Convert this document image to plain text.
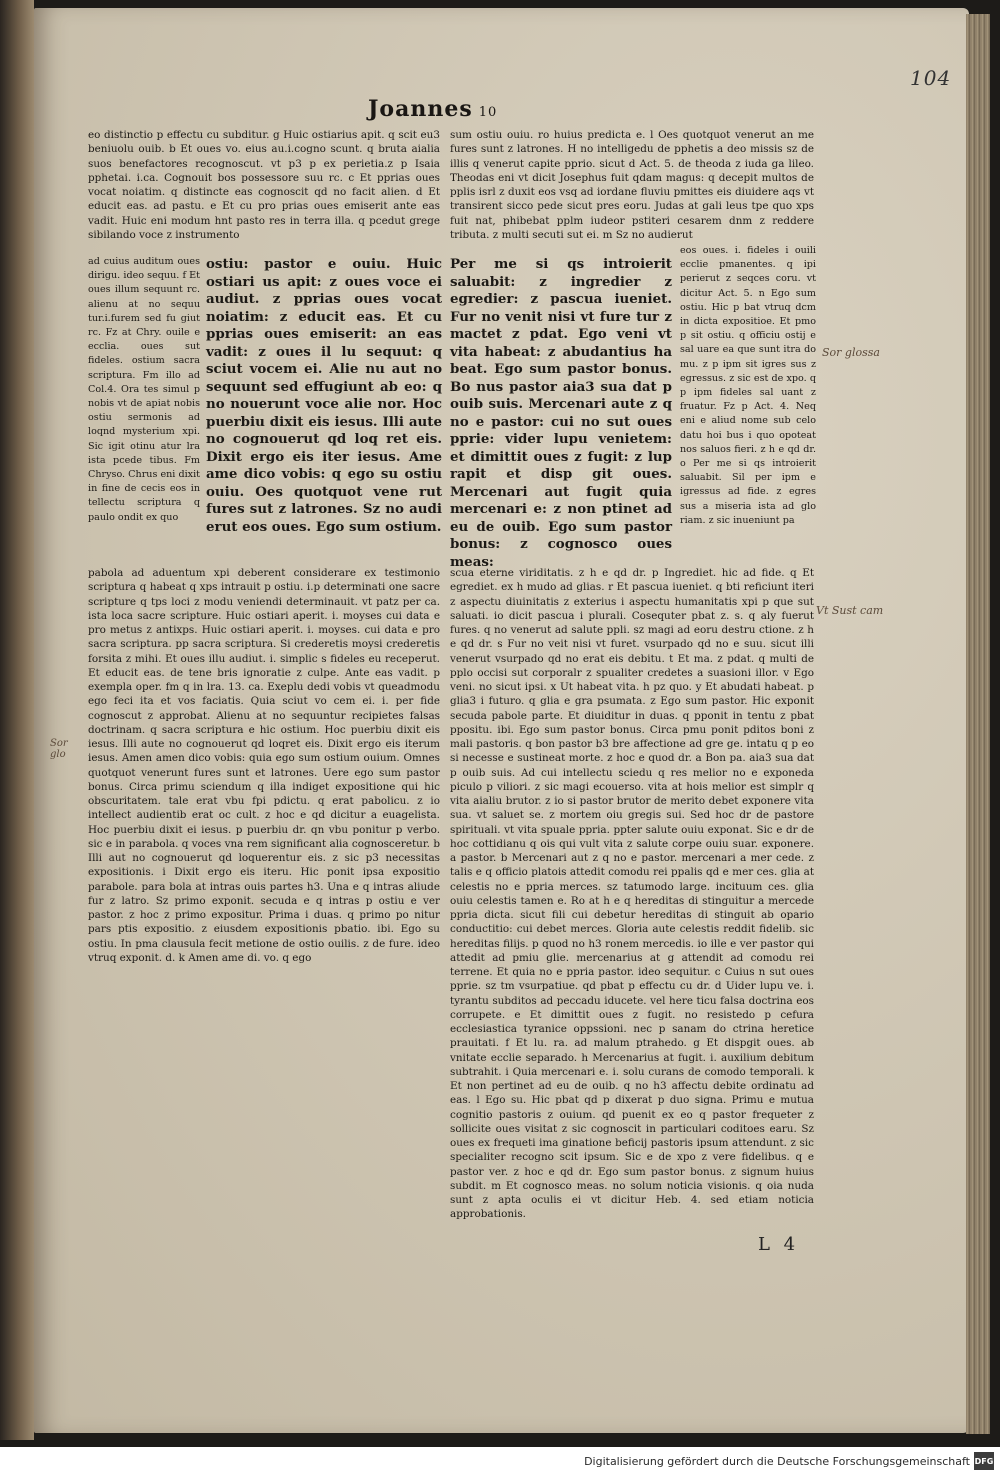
104
Joannes 10

eo distinctio p effectu cu subditur. g Huic ostiarius apit. q scit eu3 beniuolu ouib. b Et oues vo. eius au.i.cogno scunt. q bruta aialia suos benefactores recognoscut. vt p3 p ex perietia.z p Isaia pphetai. i.ca. Cognouit bos possessore suu rc. c Et pprias oues vocat noiatim. q distincte eas cognoscit qd no facit alien. d Et educit eas. ad pastu. e Et cu pro prias oues emiserit ante eas vadit. Huic eni modum hnt pasto res in terra illa. q pcedut grege sibilando voce z instrumento

ad cuius auditum oues dirigu. ideo sequu. f Et oues illum sequunt rc. alienu at no sequu tur.i.furem sed fu giut rc. Fz at Chry. ouile e ecclia. oues sut fideles. ostium sacra scriptura. Fm illo ad Col.4. Ora tes simul p nobis vt de apiat nobis ostiu sermonis ad loqnd mysterium xpi. Sic igit otinu atur lra ista pcede tibus. Fm Chryso. Chrus eni dixit in fine de cecis eos in tellectu scriptura q paulo ondit ex quo

ostiu: pastor e ouiu. Huic ostiari us apit: z oues voce ei audiut. z pprias oues vocat noiatim: z educit eas. Et cu pprias oues emiserit: an eas vadit: z oues il lu sequut: q sciut vocem ei. Alie nu aut no sequunt sed effugiunt ab eo: q no nouerunt voce alie nor. Hoc puerbiu dixit eis iesus. Illi aute no cognouerut qd loq ret eis. Dixit ergo eis iter iesus. Ame ame dico vobis: q ego su ostiu ouiu. Oes quotquot vene rut fures sut z latrones. Sz no audi erut eos oues. Ego sum ostium.

pabola ad aduentum xpi deberent considerare ex testimonio scriptura q habeat q xps intrauit p ostiu. i.p determinati one sacre scripture q tps loci z modu veniendi determinauit. vt patz per ca. ista loca sacre scripture. Huic ostiari aperit. i. moyses cui data e pro metus z antixps. Huic ostiari aperit. i. moyses. cui data e pro sacra scriptura. pp sacra scriptura. Si crederetis moysi crederetis forsita z mihi. Et oues illu audiut. i. simplic s fideles eu receperut. Et educit eas. de tene bris ignoratie z culpe. Ante eas vadit. p exempla oper. fm q in lra. 13. ca. Exeplu dedi vobis vt queadmodu ego feci ita et vos faciatis. Quia sciut vo cem ei. i. per fide cognoscut z approbat. Alienu at no sequuntur recipietes falsas doctrinam. q sacra scriptura e hic ostium. Hoc puerbiu dixit eis iesus. Illi aute no cognouerut qd loqret eis. Dixit ergo eis iterum iesus. Amen amen dico vobis: quia ego sum ostium ouium. Omnes quotquot venerunt fures sunt et latrones. Uere ego sum pastor bonus. Circa primu sciendum q illa indiget expositione qui hic obscuritatem. tale erat vbu fpi pdictu. q erat pabolicu. z io intellect audientib erat oc cult. z hoc e qd dicitur a euagelista. Hoc puerbiu dixit ei iesus. p puerbiu dr. qn vbu ponitur p verbo. sic e in parabola. q voces vna rem significant alia cognosceretur. b Illi aut no cognouerut qd loquerentur eis. z sic p3 necessitas expositionis. i Dixit ergo eis iteru. Hic ponit ipsa expositio parabole. para bola at intras ouis partes h3. Una e q intras aliude fur z latro. Sz primo exponit. secuda e q intras p ostiu e ver pastor. z hoc z primo expositur. Prima i duas. q primo po nitur pars ptis expositio. z eiusdem expositionis pbatio. ibi. Ego su ostiu. In pma clausula fecit metione de ostio ouilis. z de fure. ideo vtruq exponit. d. k Amen ame di. vo. q ego

sum ostiu ouiu. ro huius predicta e. l Oes quotquot venerut an me fures sunt z latrones. H no intelligedu de pphetis a deo missis sz de illis q venerut capite pprio. sicut d Act. 5. de theoda z iuda ga lileo. Theodas eni vt dicit Josephus fuit qdam magus: q decepit multos de pplis isrl z duxit eos vsq ad iordane fluviu pmittes eis diuidere aqs vt transirent sicco pede sicut pres eoru. Judas at gali leus tpe quo xps fuit nat, phibebat pplm iudeor pstiteri cesarem dnm z reddere tributa. z multi secuti sut ei. m Sz no audierut

Per me si qs introierit saluabit: z ingredier z egredier: z pascua iueniet. Fur no venit nisi vt fure tur z mactet z pdat. Ego veni vt vita habeat: z abudantius ha beat. Ego sum pastor bonus. Bo nus pastor aia3 sua dat p ouib suis. Mercenari aute z q no e pastor: cui no sut oues pprie: vider lupu venietem: et dimittit oues z fugit: z lup rapit et disp git oues. Mercenari aut fugit quia mercenari e: z non ptinet ad eu de ouib. Ego sum pastor bonus: z cognosco oues meas:

eos oues. i. fideles i ouili ecclie pmanentes. q ipi perierut z seqces coru. vt dicitur Act. 5. n Ego sum ostiu. Hic p bat vtruq dcm in dicta expositioe. Et pmo p sit ostiu. q officiu ostij e sal uare ea que sunt itra do mu. z p ipm sit igres sus z egressus. z sic est de xpo. q p ipm fideles sal uant z fruatur. Fz p Act. 4. Neq eni e aliud nome sub celo datu hoi bus i quo opoteat nos saluos fieri. z h e qd dr. o Per me si qs introierit saluabit. Sil per ipm e igressus ad fide. z egres sus a miseria ista ad glo riam. z sic inueniunt pa

scua eterne viriditatis. z h e qd dr. p Ingrediet. hic ad fide. q Et egrediet. ex h mudo ad glias. r Et pascua iueniet. q bti reficiunt iteri z aspectu diuinitatis z exterius i aspectu humanitatis xpi p que sut saluati. io dicit pascua i plurali. Cosequter pbat z. s. q aly fuerut fures. q no venerut ad salute ppli. sz magi ad eoru destru ctione. z h e qd dr. s Fur no veit nisi vt furet. vsurpado qd no e suu. sicut illi venerut vsurpado qd no erat eis debitu. t Et ma. z pdat. q multi de pplo occisi sut corporalr z spualiter credetes a suasioni illor. v Ego veni. no sicut ipsi. x Ut habeat vita. h pz quo. y Et abudati habeat. p glia3 i futuro. q glia e gra psumata. z Ego sum pastor. Hic exponit secuda pabole parte. Et diuiditur in duas. q pponit in tentu z pbat ppositu. ibi. Ego sum pastor bonus. Circa pmu ponit pditos boni z mali pastoris. q bon pastor b3 bre affectione ad gre ge. intatu q p eo si necesse e sustineat morte. z hoc e quod dr. a Bon pa. aia3 sua dat p ouib suis. Ad cui intellectu sciedu q res melior no e exponeda piculo p viliori. z sic magi ecouerso. vita at hois melior est simplr q vita aialiu brutor. z io si pastor brutor de merito debet exponere vita sua. vt saluet se. z mortem oiu gregis sui. Sed hoc dr de pastore spirituali. vt vita spuale ppria. ppter salute ouiu exponat. Sic e dr de hoc cottidianu q ois qui vult vita z salute corpe ouiu suar. exponere. a pastor. b Mercenari aut z q no e pastor. mercenari a mer cede. z talis e q officio platois attedit comodu rei ppalis qd e mer ces. glia at celestis no e ppria merces. sz tatumodo large. incituum ces. glia ouiu celestis tamen e. Ro at h e q hereditas di stinguitur a mercede ppria dicta. sicut fili cui debetur hereditas di stinguit ab opario conductitio: cui debet merces. Gloria aute celestis reddit fidelib. sic hereditas filijs. p quod no h3 ronem mercedis. io ille e ver pastor qui attedit ad pmiu glie. mercenarius at g attendit ad comodu rei terrene. Et quia no e ppria pastor. ideo sequitur. c Cuius n sut oues pprie. sz tm vsurpatiue. qd pbat p effectu cu dr. d Uider lupu ve. i. tyrantu subditos ad peccadu iducete. vel here ticu falsa doctrina eos corrupete. e Et dimittit oues z fugit. no resistedo p cefura ecclesiastica tyranice oppssioni. nec p sanam do ctrina heretice prauitati. f Et lu. ra. ad malum ptrahedo. g Et dispgit oues. ab vnitate ecclie separado. h Mercenarius at fugit. i. auxilium debitum subtrahit. i Quia mercenari e. i. solu curans de comodo temporali. k Et non pertinet ad eu de ouib. q no h3 affectu debite ordinatu ad eas. l Ego su. Hic pbat qd p dixerat p duo signa. Primu e mutua cognitio pastoris z ouium. qd puenit ex eo q pastor frequeter z sollicite oues visitat z sic cognoscit in particulari coditoes earu. Sz oues ex frequeti ima ginatione beficij pastoris ipsum attendunt. z sic specialiter recogno scit ipsum. Sic e de xpo z vere fidelibus. q e pastor ver. z hoc e qd dr. Ego sum pastor bonus. z signum huius subdit. m Et cognosco meas. no solum noticia visionis. q oia nuda sunt z apta oculis ei vt dicitur Heb. 4. sed etiam noticia approbationis.

Sor glossa
Vt Sust cam
Sor glo
L 4
Digitalisierung gefördert durch die Deutsche Forschungsgemeinschaft DFG
